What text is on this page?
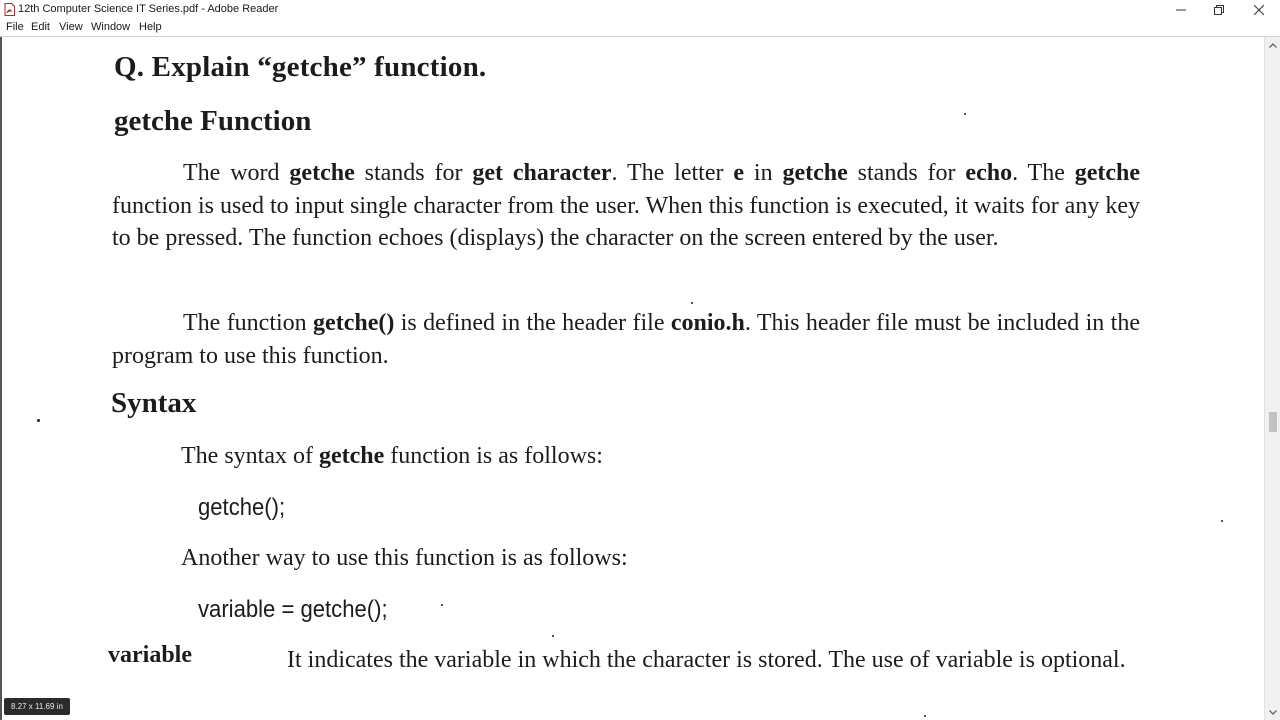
12th Computer Science IT Series.pdf - Adobe Reader
File Edit View Window Help
Q. Explain “getche” function.
getche Function
The word getche stands for get character. The letter e in getche stands for echo. The getche function is used to input single character from the user. When this function is executed, it waits for any key to be pressed. The function echoes (displays) the character on the screen entered by the user.
The function getche() is defined in the header file conio.h. This header file must be included in the program to use this function.
Syntax
The syntax of getche function is as follows:
getche();
Another way to use this function is as follows:
variable = getche();
variable	It indicates the variable in which the character is stored. The use of variable is optional.
8.27 x 11.69 in
